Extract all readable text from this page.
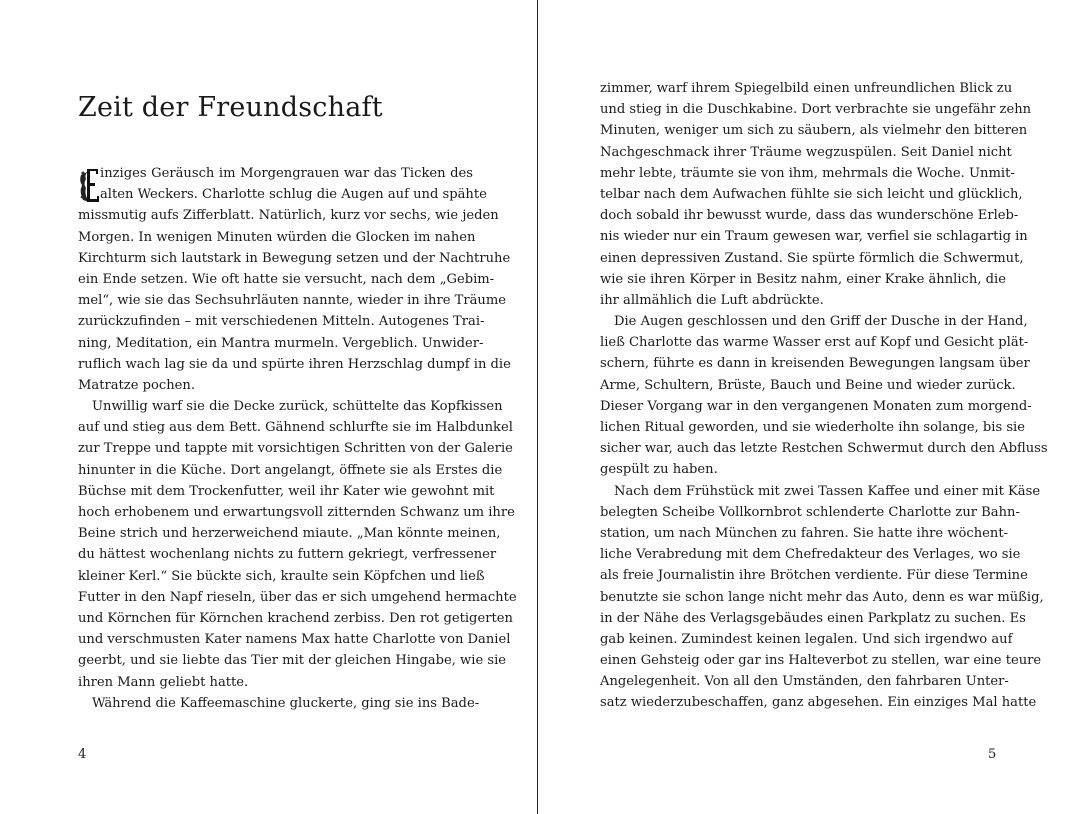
Zeit der Freundschaft
E
inziges Geräusch im Morgengrauen war das Ticken des
alten Weckers. Charlotte schlug die Augen auf und spähte
missmutig aufs Zifferblatt. Natürlich, kurz vor sechs, wie jeden
Morgen. In wenigen Minuten würden die Glocken im nahen
Kirchturm sich lautstark in Bewegung setzen und der Nachtruhe
ein Ende setzen. Wie oft hatte sie versucht, nach dem „Gebim-
mel“, wie sie das Sechsuhrläuten nannte, wieder in ihre Träume
zurückzufinden – mit verschiedenen Mitteln. Autogenes Trai-
ning, Meditation, ein Mantra murmeln. Vergeblich. Unwider-
ruflich wach lag sie da und spürte ihren Herzschlag dumpf in die
Matratze pochen.
Unwillig warf sie die Decke zurück, schüttelte das Kopfkissen
auf und stieg aus dem Bett. Gähnend schlurfte sie im Halbdunkel
zur Treppe und tappte mit vorsichtigen Schritten von der Galerie
hinunter in die Küche. Dort angelangt, öffnete sie als Erstes die
Büchse mit dem Trockenfutter, weil ihr Kater wie gewohnt mit
hoch erhobenem und erwartungsvoll zitternden Schwanz um ihre
Beine strich und herzerweichend miaute. „Man könnte meinen,
du hättest wochenlang nichts zu futtern gekriegt, verfressener
kleiner Kerl.“ Sie bückte sich, kraulte sein Köpfchen und ließ
Futter in den Napf rieseln, über das er sich umgehend hermachte
und Körnchen für Körnchen krachend zerbiss. Den rot getigerten
und verschmusten Kater namens Max hatte Charlotte von Daniel
geerbt, und sie liebte das Tier mit der gleichen Hingabe, wie sie
ihren Mann geliebt hatte.
Während die Kaffeemaschine gluckerte, ging sie ins Bade-
4
zimmer, warf ihrem Spiegelbild einen unfreundlichen Blick zu
und stieg in die Duschkabine. Dort verbrachte sie ungefähr zehn
Minuten, weniger um sich zu säubern, als vielmehr den bitteren
Nachgeschmack ihrer Träume wegzuspülen. Seit Daniel nicht
mehr lebte, träumte sie von ihm, mehrmals die Woche. Unmit-
telbar nach dem Aufwachen fühlte sie sich leicht und glücklich,
doch sobald ihr bewusst wurde, dass das wunderschöne Erleb-
nis wieder nur ein Traum gewesen war, verfiel sie schlagartig in
einen depressiven Zustand. Sie spürte förmlich die Schwermut,
wie sie ihren Körper in Besitz nahm, einer Krake ähnlich, die
ihr allmählich die Luft abdrückte.
Die Augen geschlossen und den Griff der Dusche in der Hand,
ließ Charlotte das warme Wasser erst auf Kopf und Gesicht plät-
schern, führte es dann in kreisenden Bewegungen langsam über
Arme, Schultern, Brüste, Bauch und Beine und wieder zurück.
Dieser Vorgang war in den vergangenen Monaten zum morgend-
lichen Ritual geworden, und sie wiederholte ihn solange, bis sie
sicher war, auch das letzte Restchen Schwermut durch den Abfluss
gespült zu haben.
Nach dem Frühstück mit zwei Tassen Kaffee und einer mit Käse
belegten Scheibe Vollkornbrot schlenderte Charlotte zur Bahn-
station, um nach München zu fahren. Sie hatte ihre wöchent-
liche Verabredung mit dem Chefredakteur des Verlages, wo sie
als freie Journalistin ihre Brötchen verdiente. Für diese Termine
benutzte sie schon lange nicht mehr das Auto, denn es war müßig,
in der Nähe des Verlagsgebäudes einen Parkplatz zu suchen. Es
gab keinen. Zumindest keinen legalen. Und sich irgendwo auf
einen Gehsteig oder gar ins Halteverbot zu stellen, war eine teure
Angelegenheit. Von all den Umständen, den fahrbaren Unter-
satz wiederzubeschaffen, ganz abgesehen. Ein einziges Mal hatte
5
